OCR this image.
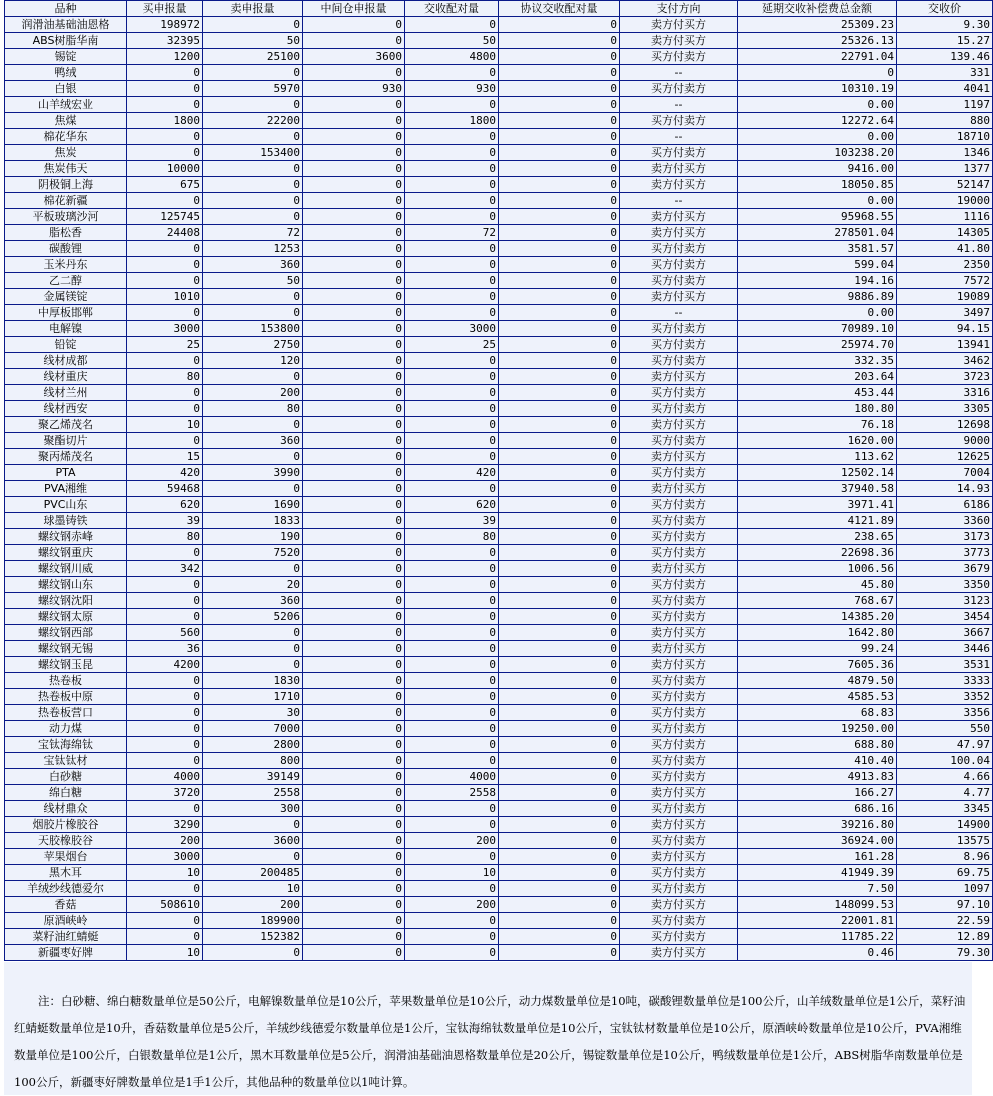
品种	买申报量	卖申报量	中间仓申报量	交收配对量	协议交收配对量	支付方向	延期交收补偿费总金额	交收价
润滑油基础油恩格	198972	0	0	0	0	卖方付买方	25309.23	9.30
ABS树脂华南	32395	50	0	50	0	卖方付买方	25326.13	15.27
锡锭	1200	25100	3600	4800	0	买方付卖方	22791.04	139.46
鸭绒	0	0	0	0	0	--	0	331
白银	0	5970	930	930	0	买方付卖方	10310.19	4041
山羊绒宏业	0	0	0	0	0	--	0.00	1197
焦煤	1800	22200	0	1800	0	买方付卖方	12272.64	880
棉花华东	0	0	0	0	0	--	0.00	18710
焦炭	0	153400	0	0	0	买方付卖方	103238.20	1346
焦炭伟天	10000	0	0	0	0	卖方付买方	9416.00	1377
阴极铜上海	675	0	0	0	0	卖方付买方	18050.85	52147
棉花新疆	0	0	0	0	0	--	0.00	19000
平板玻璃沙河	125745	0	0	0	0	卖方付买方	95968.55	1116
脂松香	24408	72	0	72	0	卖方付买方	278501.04	14305
碳酸锂	0	1253	0	0	0	买方付卖方	3581.57	41.80
玉米丹东	0	360	0	0	0	买方付卖方	599.04	2350
乙二醇	0	50	0	0	0	买方付卖方	194.16	7572
金属镁锭	1010	0	0	0	0	卖方付买方	9886.89	19089
中厚板邯郸	0	0	0	0	0	--	0.00	3497
电解镍	3000	153800	0	3000	0	买方付卖方	70989.10	94.15
铅锭	25	2750	0	25	0	买方付卖方	25974.70	13941
线材成都	0	120	0	0	0	买方付卖方	332.35	3462
线材重庆	80	0	0	0	0	卖方付买方	203.64	3723
线材兰州	0	200	0	0	0	买方付卖方	453.44	3316
线材西安	0	80	0	0	0	买方付卖方	180.80	3305
聚乙烯茂名	10	0	0	0	0	卖方付买方	76.18	12698
聚酯切片	0	360	0	0	0	买方付卖方	1620.00	9000
聚丙烯茂名	15	0	0	0	0	卖方付买方	113.62	12625
PTA	420	3990	0	420	0	买方付卖方	12502.14	7004
PVA湘维	59468	0	0	0	0	卖方付买方	37940.58	14.93
PVC山东	620	1690	0	620	0	买方付卖方	3971.41	6186
球墨铸铁	39	1833	0	39	0	买方付卖方	4121.89	3360
螺纹钢赤峰	80	190	0	80	0	买方付卖方	238.65	3173
螺纹钢重庆	0	7520	0	0	0	买方付卖方	22698.36	3773
螺纹钢川威	342	0	0	0	0	卖方付买方	1006.56	3679
螺纹钢山东	0	20	0	0	0	买方付卖方	45.80	3350
螺纹钢沈阳	0	360	0	0	0	买方付卖方	768.67	3123
螺纹钢太原	0	5206	0	0	0	买方付卖方	14385.20	3454
螺纹钢西部	560	0	0	0	0	卖方付买方	1642.80	3667
螺纹钢无锡	36	0	0	0	0	卖方付买方	99.24	3446
螺纹钢玉昆	4200	0	0	0	0	卖方付买方	7605.36	3531
热卷板	0	1830	0	0	0	买方付卖方	4879.50	3333
热卷板中原	0	1710	0	0	0	买方付卖方	4585.53	3352
热卷板营口	0	30	0	0	0	买方付卖方	68.83	3356
动力煤	0	7000	0	0	0	买方付卖方	19250.00	550
宝钛海绵钛	0	2800	0	0	0	买方付卖方	688.80	47.97
宝钛钛材	0	800	0	0	0	买方付卖方	410.40	100.04
白砂糖	4000	39149	0	4000	0	买方付卖方	4913.83	4.66
绵白糖	3720	2558	0	2558	0	卖方付买方	166.27	4.77
线材鼎众	0	300	0	0	0	买方付卖方	686.16	3345
烟胶片橡胶谷	3290	0	0	0	0	卖方付买方	39216.80	14900
天胶橡胶谷	200	3600	0	200	0	买方付卖方	36924.00	13575
苹果烟台	3000	0	0	0	0	卖方付买方	161.28	8.96
黑木耳	10	200485	0	10	0	买方付卖方	41949.39	69.75
羊绒纱线德爱尔	0	10	0	0	0	买方付卖方	7.50	1097
香菇	508610	200	0	200	0	卖方付买方	148099.53	97.10
原酒峡岭	0	189900	0	0	0	买方付卖方	22001.81	22.59
菜籽油红蜻蜓	0	152382	0	0	0	买方付卖方	11785.22	12.89
新疆枣好牌	10	0	0	0	0	卖方付买方	0.46	79.30
注：白砂糖、绵白糖数量单位是50公斤，电解镍数量单位是10公斤，苹果数量单位是10公斤，动力煤数量单位是10吨，碳酸锂数量单位是100公斤，山羊绒数量单位是1公斤，菜籽油红蜻蜓数量单位是10升，香菇数量单位是5公斤，羊绒纱线德爱尔数量单位是1公斤，宝钛海绵钛数量单位是10公斤，宝钛钛材数量单位是10公斤，原酒峡岭数量单位是10公斤，PVA湘维数量单位是100公斤，白银数量单位是1公斤，黑木耳数量单位是5公斤，润滑油基础油恩格数量单位是20公斤，锡锭数量单位是10公斤，鸭绒数量单位是1公斤，ABS树脂华南数量单位是100公斤，新疆枣好牌数量单位是1手1公斤，其他品种的数量单位以1吨计算。
